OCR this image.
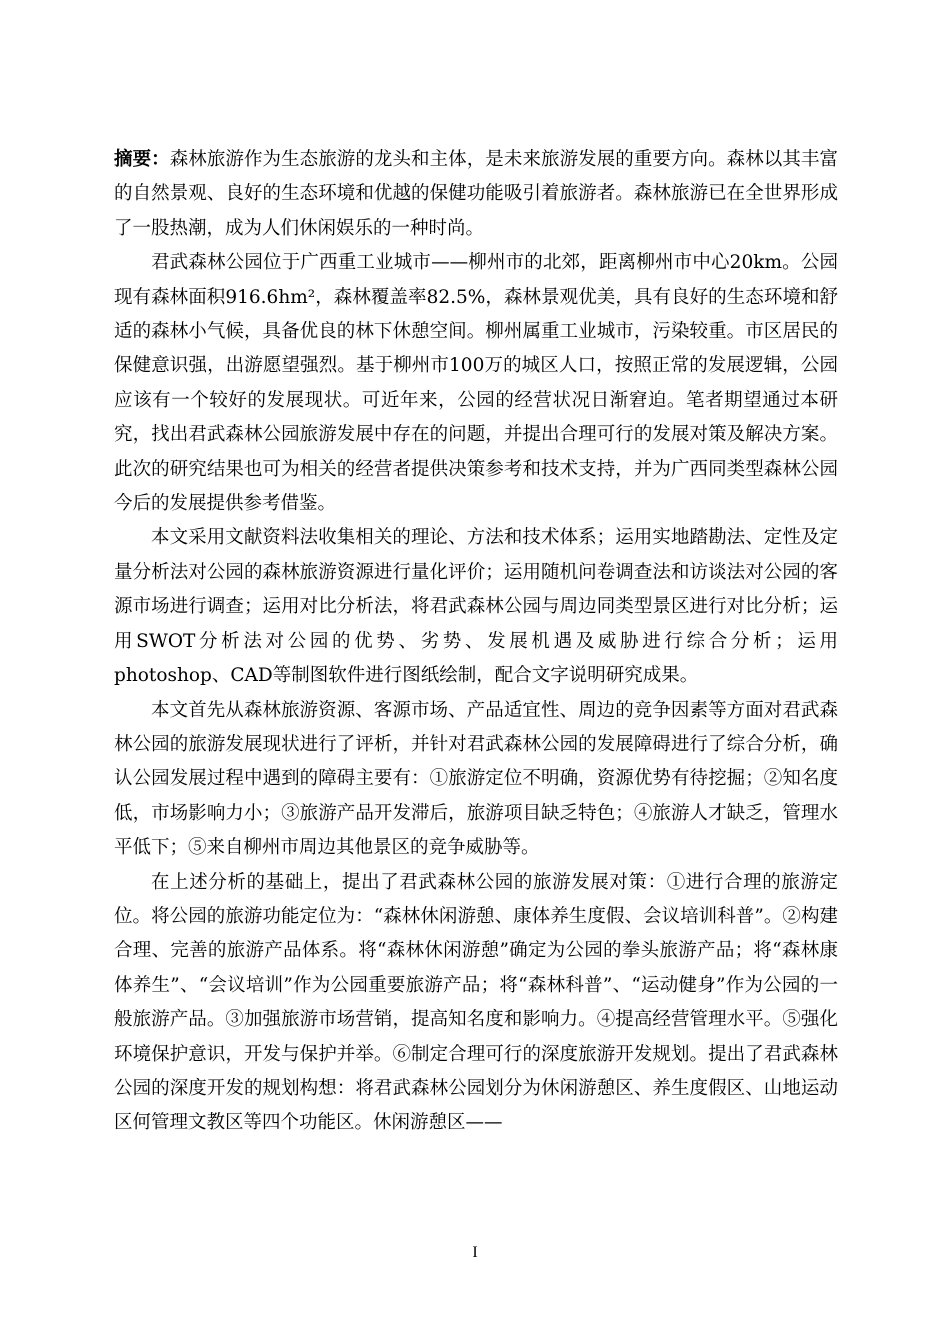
摘要：森林旅游作为生态旅游的龙头和主体，是未来旅游发展的重要方向。森林以其丰富的自然景观、良好的生态环境和优越的保健功能吸引着旅游者。森林旅游已在全世界形成了一股热潮，成为人们休闲娱乐的一种时尚。

君武森林公园位于广西重工业城市——柳州市的北郊，距离柳州市中心20km。公园现有森林面积916.6hm²，森林覆盖率82.5%，森林景观优美，具有良好的生态环境和舒适的森林小气候，具备优良的林下休憩空间。柳州属重工业城市，污染较重。市区居民的保健意识强，出游愿望强烈。基于柳州市100万的城区人口，按照正常的发展逻辑，公园应该有一个较好的发展现状。可近年来，公园的经营状况日渐窘迫。笔者期望通过本研究，找出君武森林公园旅游发展中存在的问题，并提出合理可行的发展对策及解决方案。此次的研究结果也可为相关的经营者提供决策参考和技术支持，并为广西同类型森林公园今后的发展提供参考借鉴。

本文采用文献资料法收集相关的理论、方法和技术体系；运用实地踏勘法、定性及定量分析法对公园的森林旅游资源进行量化评价；运用随机问卷调查法和访谈法对公园的客源市场进行调查；运用对比分析法，将君武森林公园与周边同类型景区进行对比分析；运用SWOT分析法对公园的优势、劣势、发展机遇及威胁进行综合分析；运用photoshop、CAD等制图软件进行图纸绘制，配合文字说明研究成果。

本文首先从森林旅游资源、客源市场、产品适宜性、周边的竞争因素等方面对君武森林公园的旅游发展现状进行了评析，并针对君武森林公园的发展障碍进行了综合分析，确认公园发展过程中遇到的障碍主要有：①旅游定位不明确，资源优势有待挖掘；②知名度低，市场影响力小；③旅游产品开发滞后，旅游项目缺乏特色；④旅游人才缺乏，管理水平低下；⑤来自柳州市周边其他景区的竞争威胁等。

在上述分析的基础上，提出了君武森林公园的旅游发展对策：①进行合理的旅游定位。将公园的旅游功能定位为：“森林休闲游憩、康体养生度假、会议培训科普”。②构建合理、完善的旅游产品体系。将“森林休闲游憩”确定为公园的拳头旅游产品；将“森林康体养生”、“会议培训”作为公园重要旅游产品；将“森林科普”、“运动健身”作为公园的一般旅游产品。③加强旅游市场营销，提高知名度和影响力。④提高经营管理水平。⑤强化环境保护意识，开发与保护并举。⑥制定合理可行的深度旅游开发规划。提出了君武森林公园的深度开发的规划构想：将君武森林公园划分为休闲游憩区、养生度假区、山地运动区何管理文教区等四个功能区。休闲游憩区——

I
